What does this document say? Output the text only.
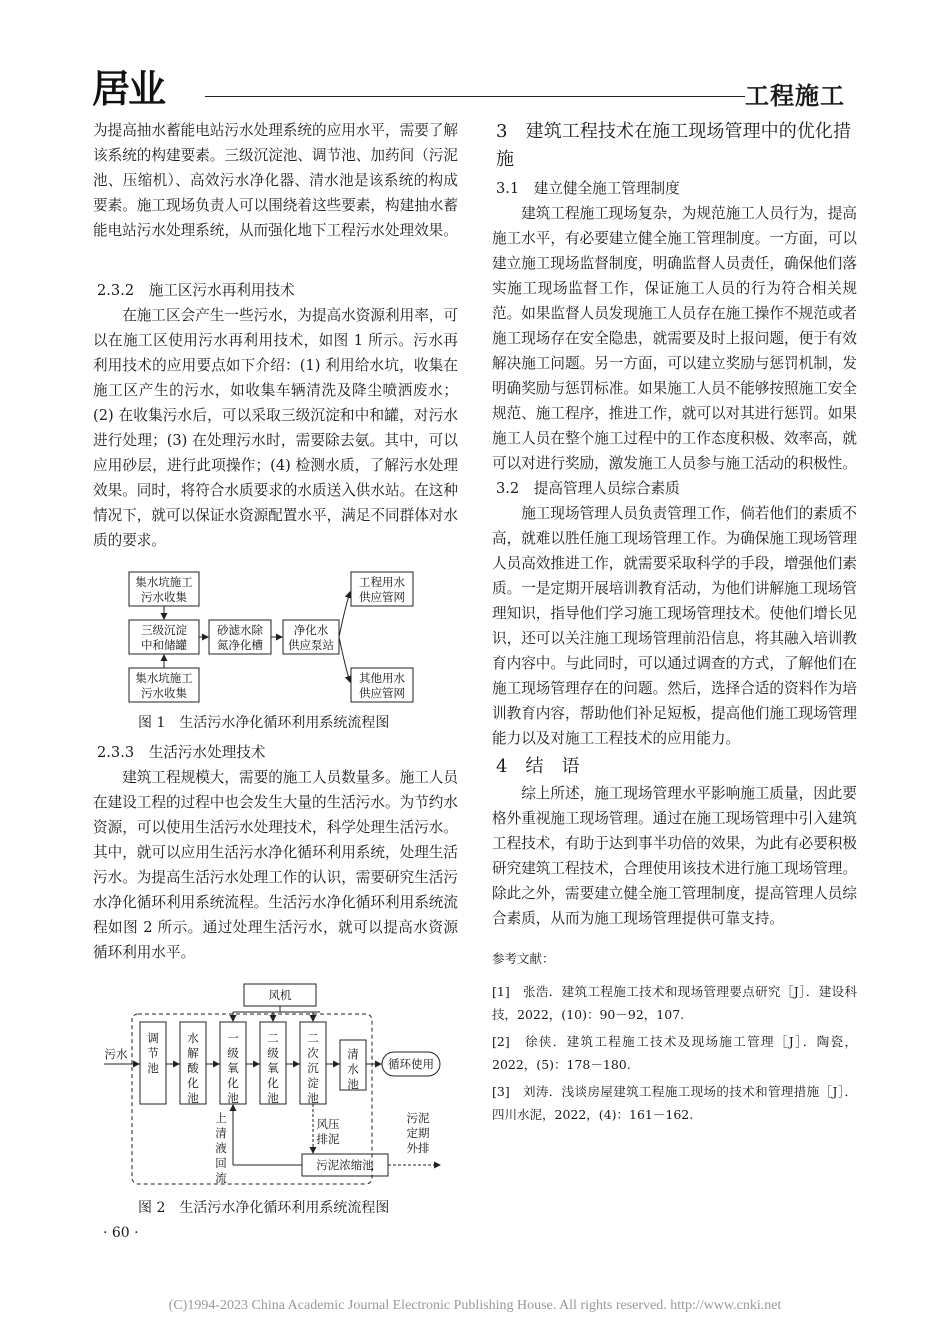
居业	工程施工

为提高抽水蓄能电站污水处理系统的应用水平，需要了解该系统的构建要素。三级沉淀池、调节池、加药间（污泥池、压缩机）、高效污水净化器、清水池是该系统的构成要素。施工现场负责人可以围绕着这些要素，构建抽水蓄能电站污水处理系统，从而强化地下工程污水处理效果。

2.3.2　施工区污水再利用技术

在施工区会产生一些污水，为提高水资源利用率，可以在施工区使用污水再利用技术，如图 1 所示。污水再利用技术的应用要点如下介绍：(1) 利用给水坑，收集在施工区产生的污水，如收集车辆清洗及降尘喷洒废水；(2) 在收集污水后，可以采取三级沉淀和中和罐，对污水进行处理；(3) 在处理污水时，需要除去氨。其中，可以应用砂层，进行此项操作；(4) 检测水质，了解污水处理效果。同时，将符合水质要求的水质送入供水站。在这种情况下，就可以保证水资源配置水平，满足不同群体对水质的要求。

集水坑施工
污水收集
三级沉淀
中和储罐
集水坑施工
污水收集
砂滤水除
氮净化槽
净化水
供应泵站
工程用水
供应管网
其他用水
供应管网
图 1　生活污水净化循环利用系统流程图

2.3.3　生活污水处理技术

建筑工程规模大，需要的施工人员数量多。施工人员在建设工程的过程中也会发生大量的生活污水。为节约水资源，可以使用生活污水处理技术，科学处理生活污水。其中，就可以应用生活污水净化循环利用系统，处理生活污水。为提高生活污水处理工作的认识，需要研究生活污水净化循环利用系统流程。生活污水净化循环利用系统流程如图 2 所示。通过处理生活污水，就可以提高水资源循环利用水平。

风机
污水
循环使用
污泥浓缩池
调节池
水解酸化池
一级氧化池
二级氧化池
二次沉淀池
清水池
上清液回流
风压
排泥
污泥
定期
外排
图 2　生活污水净化循环利用系统流程图
· 60 ·

3　建筑工程技术在施工现场管理中的优化措施

3.1　建立健全施工管理制度

建筑工程施工现场复杂，为规范施工人员行为，提高施工水平，有必要建立健全施工管理制度。一方面，可以建立施工现场监督制度，明确监督人员责任，确保他们落实施工现场监督工作，保证施工人员的行为符合相关规范。如果监督人员发现施工人员存在施工操作不规范或者施工现场存在安全隐患，就需要及时上报问题，便于有效解决施工问题。另一方面，可以建立奖励与惩罚机制，发明确奖励与惩罚标准。如果施工人员不能够按照施工安全规范、施工程序，推进工作，就可以对其进行惩罚。如果施工人员在整个施工过程中的工作态度积极、效率高，就可以对进行奖励，激发施工人员参与施工活动的积极性。

3.2　提高管理人员综合素质

施工现场管理人员负责管理工作，倘若他们的素质不高，就难以胜任施工现场管理工作。为确保施工现场管理人员高效推进工作，就需要采取科学的手段，增强他们素质。一是定期开展培训教育活动，为他们讲解施工现场管理知识，指导他们学习施工现场管理技术。使他们增长见识，还可以关注施工现场管理前沿信息，将其融入培训教育内容中。与此同时，可以通过调查的方式，了解他们在施工现场管理存在的问题。然后，选择合适的资料作为培训教育内容，帮助他们补足短板，提高他们施工现场管理能力以及对施工工程技术的应用能力。

4　结　语

综上所述，施工现场管理水平影响施工质量，因此要格外重视施工现场管理。通过在施工现场管理中引入建筑工程技术，有助于达到事半功倍的效果，为此有必要积极研究建筑工程技术，合理使用该技术进行施工现场管理。除此之外，需要建立健全施工管理制度，提高管理人员综合素质，从而为施工现场管理提供可靠支持。

参考文献：

[1]　张浩．建筑工程施工技术和现场管理要点研究［J］．建设科技，2022，(10)：90－92，107.

[2]　徐侠．建筑工程施工技术及现场施工管理［J］．陶瓷，2022，(5)：178－180.

[3]　刘涛．浅谈房屋建筑工程施工现场的技术和管理措施［J］．四川水泥，2022，(4)：161－162.

(C)1994-2023 China Academic Journal Electronic Publishing House. All rights reserved. http://www.cnki.net
